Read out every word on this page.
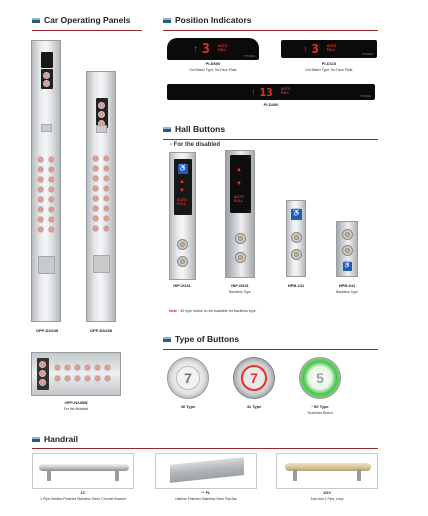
Car Operating Panels
OPP-D341B	OPP-N341B
OPP-N248W
For the disabled
Position Indicators
↑ 3 AUTO
FULL
HYUNDAI
PI-D600
Dot Matrix Type, No Face Plate
↑ 3 AUTO
FULL
HYUNDAI
PI-D110
Dot Matrix Type, No Face Plate
↑ 13 AUTO
FULL
HYUNDAI
PI-D400
Hall Buttons
- For the disabled
♿
▲
▼
AUTO
FULL
HIP-D341
▲
▼
AUTO
FULL
HIP-D641
Backless Type
♿
HPB-241
♿
HPB-641
Backless Type
Note : 90 type button is not available for backless type.
Type of Buttons
7
40 Type
7
41 Type
5
* 90 Type
Touchless Button
Handrail
1C
1 Pipe Hairline-Finished Stainless Steel, Chrome Bracket
** FL
Hairline-Finished Stainless Steel Flat Bar
1DV
Anti-viral 1 Pipe, Ivory
